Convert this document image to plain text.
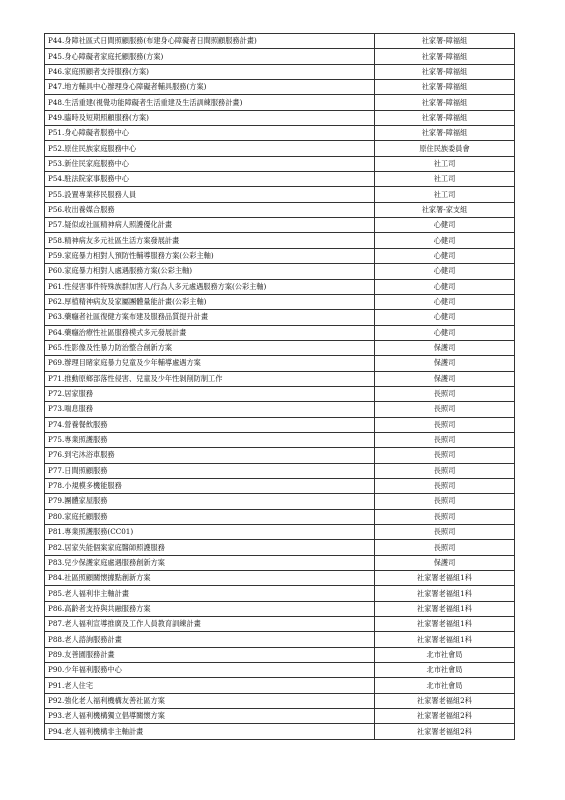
P44.身障社區式日間照顧服務(布建身心障礙者日間照顧服務計畫)	社家署-障福組
P45.身心障礙者家庭托顧服務(方案)	社家署-障福組
P46.家庭照顧者支持服務(方案)	社家署-障福組
P47.地方輔具中心辦理身心障礙者輔具服務(方案)	社家署-障福組
P48.生活重建(視覺功能障礙者生活重建及生活訓練服務計畫)	社家署-障福組
P49.臨時及短期照顧服務(方案)	社家署-障福組
P51.身心障礙者服務中心	社家署-障福組
P52.原住民族家庭服務中心	原住民族委員會
P53.新住民家庭服務中心	社工司
P54.駐法院家事服務中心	社工司
P55.設置專業移民服務人員	社工司
P56.收出養媒合服務	社家署-家支組
P57.疑似或社區精神病人照護優化計畫	心健司
P58.精神病友多元社區生活方案發展計畫	心健司
P59.家庭暴力相對人預防性輔導服務方案(公彩主軸)	心健司
P60.家庭暴力相對人處遇服務方案(公彩主軸)	心健司
P61.性侵害事件特殊族群加害人/行為人多元處遇服務方案(公彩主軸)	心健司
P62.厚植精神病友及家屬團體量能計畫(公彩主軸)	心健司
P63.藥癮者社區復健方案布建及服務品質提升計畫	心健司
P64.藥癮治療性社區服務模式多元發展計畫	心健司
P65.性影像及性暴力防治整合創新方案	保護司
P69.辦理目睹家庭暴力兒童及少年輔導處遇方案	保護司
P71.推動原鄉部落性侵害、兒童及少年性剝削防制工作	保護司
P72.居家服務	長照司
P73.喘息服務	長照司
P74.營養餐飲服務	長照司
P75.專業照護服務	長照司
P76.到宅沐浴車服務	長照司
P77.日間照顧服務	長照司
P78.小規模多機能服務	長照司
P79.團體家屋服務	長照司
P80.家庭托顧服務	長照司
P81.專業照護服務(CC01)	長照司
P82.居家失能個案家庭醫師照護服務	長照司
P83.兒少保護家庭處遇服務創新方案	保護司
P84.社區照顧關懷據點創新方案	社家署老福組1科
P85.老人福利非主軸計畫	社家署老福組1科
P86.高齡者支持與共融服務方案	社家署老福組1科
P87.老人福利宣導推廣及工作人員教育訓練計畫	社家署老福組1科
P88.老人諮詢服務計畫	社家署老福組1科
P89.友善園服務計畫	北市社會局
P90.少年福利服務中心	北市社會局
P91.老人住宅	北市社會局
P92.強化老人福利機構友善社區方案	社家署老福組2科
P93.老人福利機構獨立倡導關懷方案	社家署老福組2科
P94.老人福利機構非主軸計畫	社家署老福組2科
